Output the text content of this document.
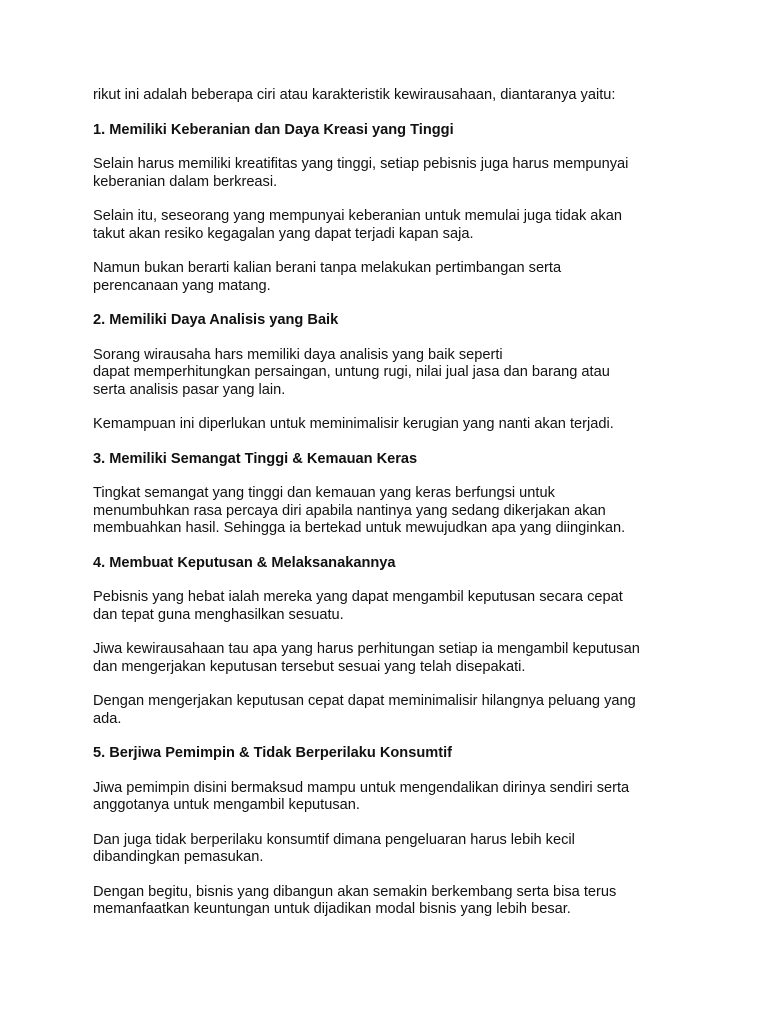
rikut ini adalah beberapa ciri atau karakteristik kewirausahaan, diantaranya yaitu:

1. Memiliki Keberanian dan Daya Kreasi yang Tinggi

Selain harus memiliki kreatifitas yang tinggi, setiap pebisnis juga harus mempunyai
keberanian dalam berkreasi.

Selain itu, seseorang yang mempunyai keberanian untuk memulai juga tidak akan
takut akan resiko kegagalan yang dapat terjadi kapan saja.

Namun bukan berarti kalian berani tanpa melakukan pertimbangan serta
perencanaan yang matang.

2. Memiliki Daya Analisis yang Baik

Sorang wirausaha hars memiliki daya analisis yang baik seperti
dapat memperhitungkan persaingan, untung rugi, nilai jual jasa dan barang atau
serta analisis pasar yang lain.

Kemampuan ini diperlukan untuk meminimalisir kerugian yang nanti akan terjadi.

3. Memiliki Semangat Tinggi & Kemauan Keras

Tingkat semangat yang tinggi dan kemauan yang keras berfungsi untuk
menumbuhkan rasa percaya diri apabila nantinya yang sedang dikerjakan akan
membuahkan hasil. Sehingga ia bertekad untuk mewujudkan apa yang diinginkan.

4. Membuat Keputusan & Melaksanakannya

Pebisnis yang hebat ialah mereka yang dapat mengambil keputusan secara cepat
dan tepat guna menghasilkan sesuatu.

Jiwa kewirausahaan tau apa yang harus perhitungan setiap ia mengambil keputusan
dan mengerjakan keputusan tersebut sesuai yang telah disepakati.

Dengan mengerjakan keputusan cepat dapat meminimalisir hilangnya peluang yang
ada.

5. Berjiwa Pemimpin & Tidak Berperilaku Konsumtif

Jiwa pemimpin disini bermaksud mampu untuk mengendalikan dirinya sendiri serta
anggotanya untuk mengambil keputusan.

Dan juga tidak berperilaku konsumtif dimana pengeluaran harus lebih kecil
dibandingkan pemasukan.

Dengan begitu, bisnis yang dibangun akan semakin berkembang serta bisa terus
memanfaatkan keuntungan untuk dijadikan modal bisnis yang lebih besar.
